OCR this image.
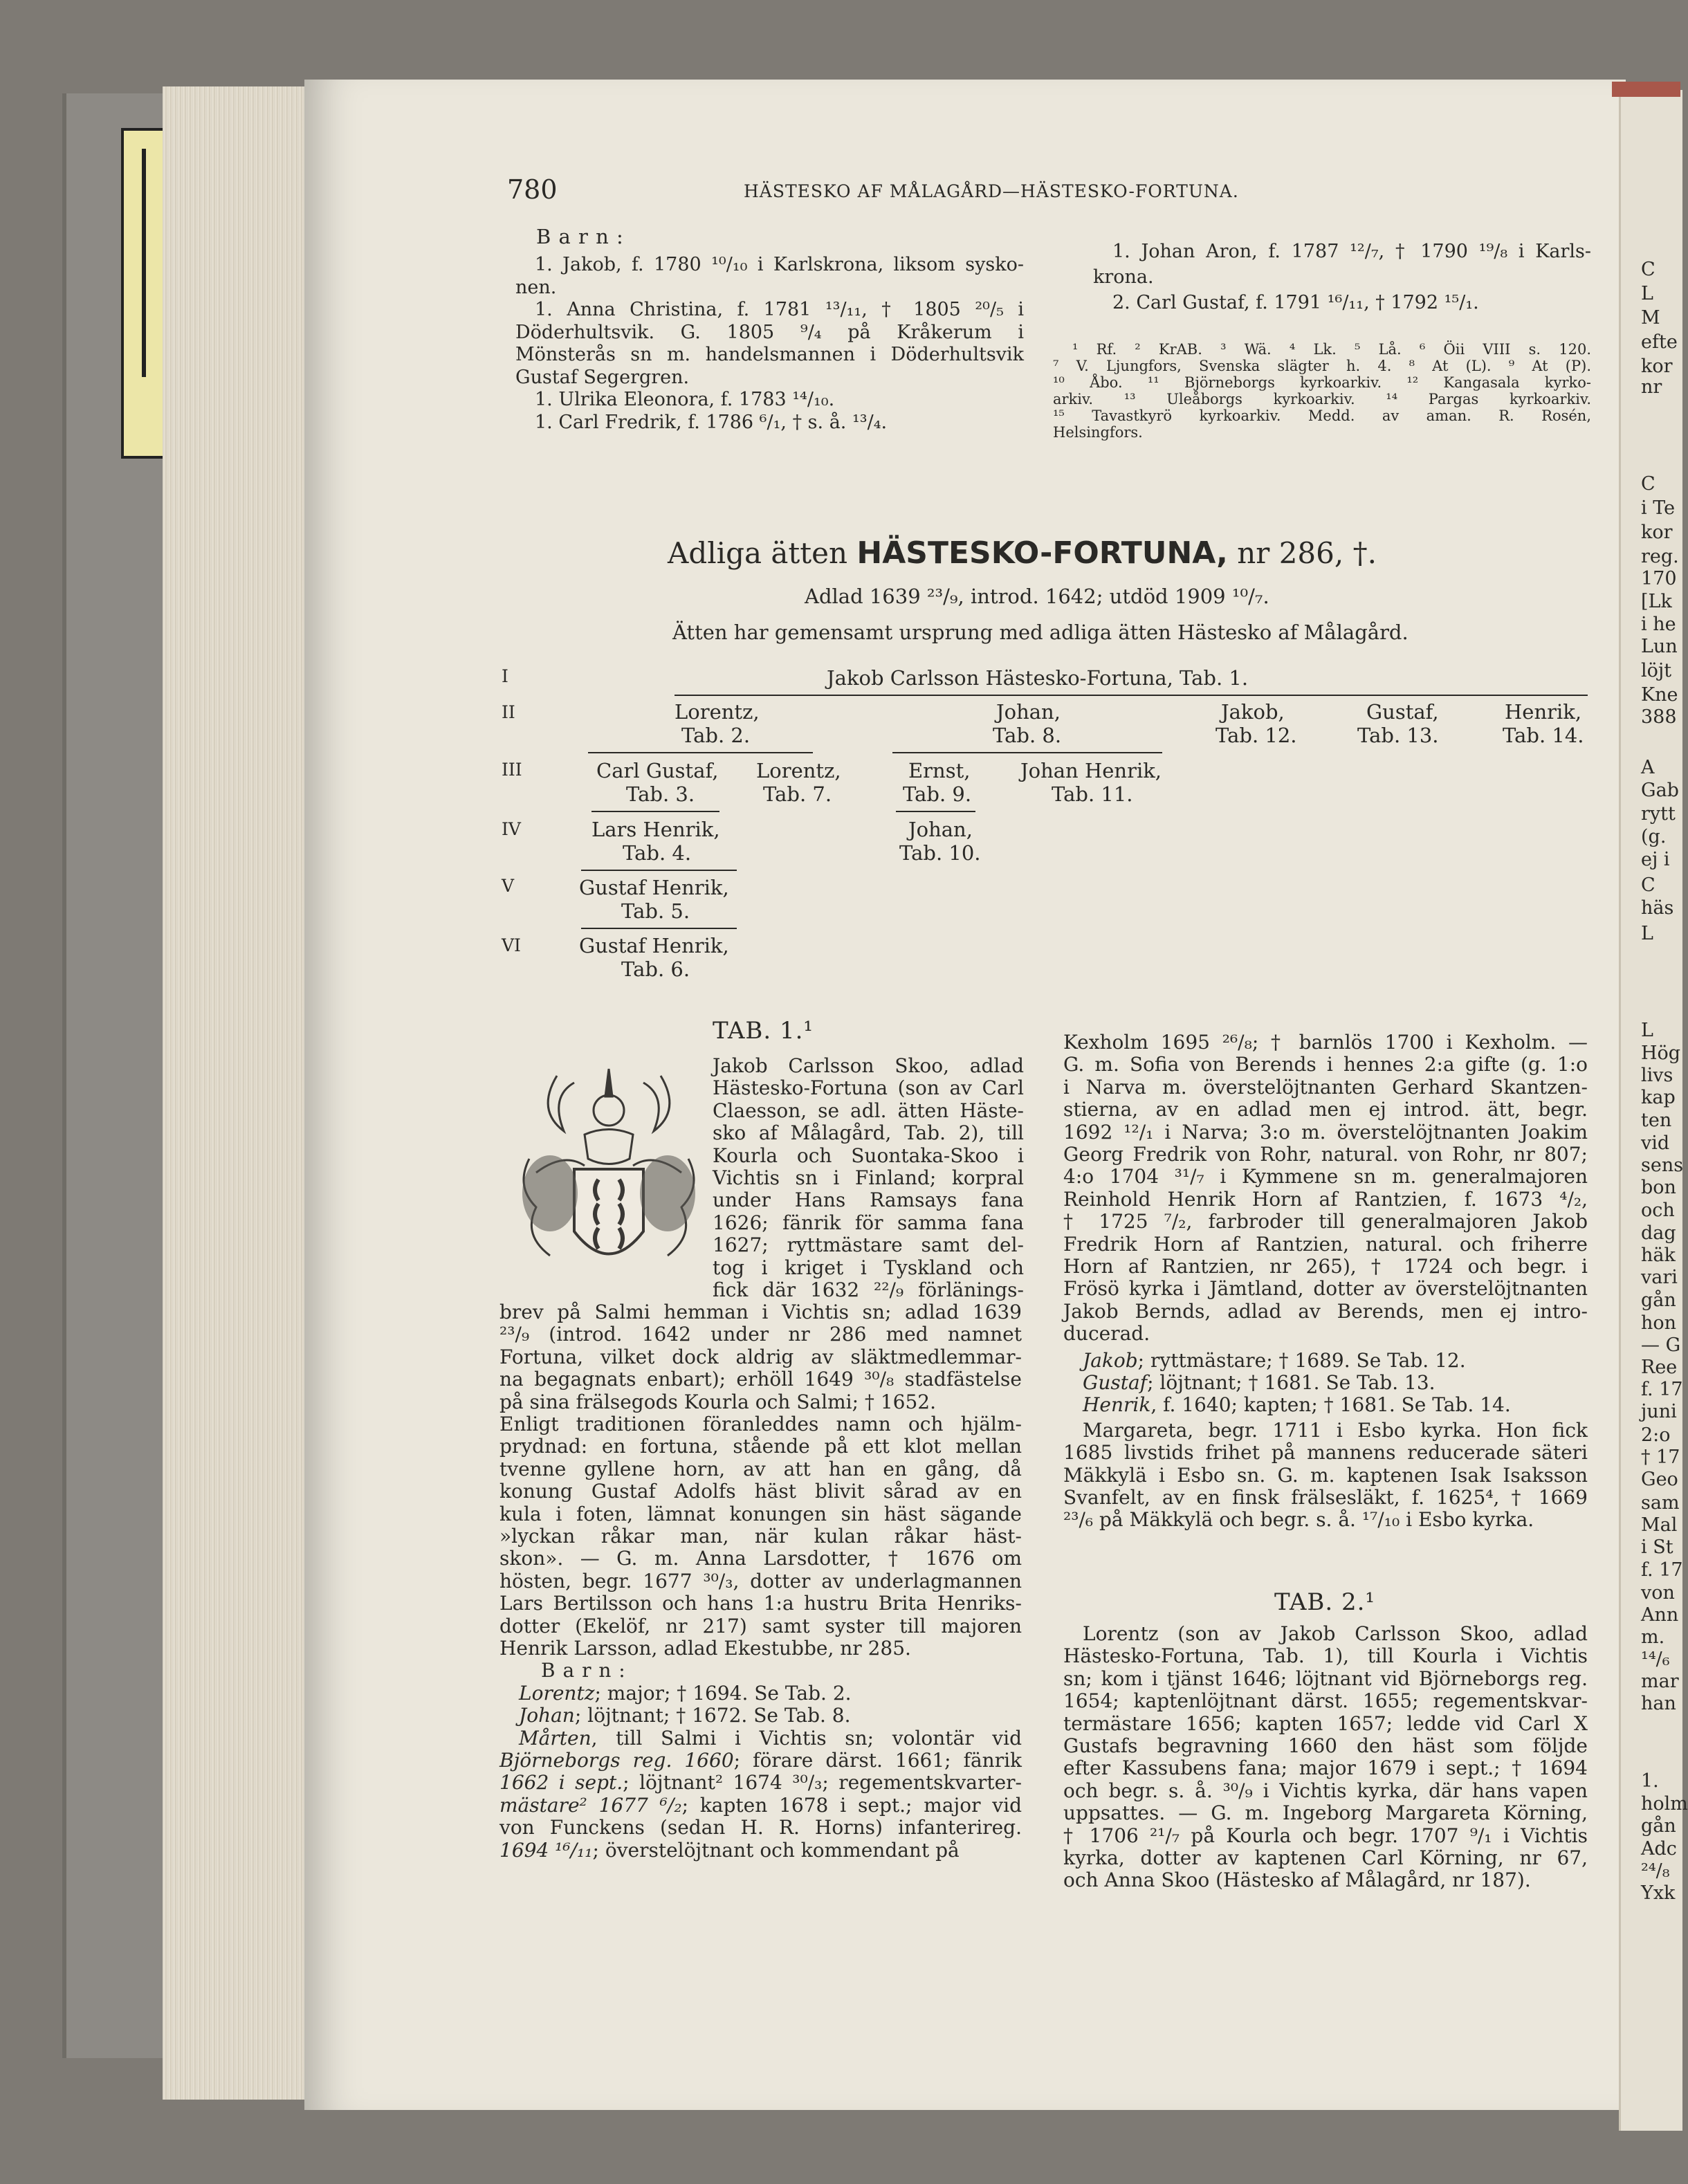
780	HÄSTESKO AF MÅLAGÅRD—HÄSTESKO-FORTUNA.
B a r n :
1. Jakob, f. 1780 ¹⁰/₁₀ i Karlskrona, liksom sysko-
nen.
1. Anna Christina, f. 1781 ¹³/₁₁, † 1805 ²⁰/₅ i
Döderhultsvik. G. 1805 ⁹/₄ på Kråkerum i
Mönsterås sn m. handelsmannen i Döderhultsvik
Gustaf Segergren.
1. Ulrika Eleonora, f. 1783 ¹⁴/₁₀.
1. Carl Fredrik, f. 1786 ⁶/₁, † s. å. ¹³/₄.
1. Johan Aron, f. 1787 ¹²/₇, † 1790 ¹⁹/₈ i Karls-
krona.
2. Carl Gustaf, f. 1791 ¹⁶/₁₁, † 1792 ¹⁵/₁.
¹ Rf. ² KrAB. ³ Wä. ⁴ Lk. ⁵ Lå. ⁶ Öii VIII s. 120.
⁷ V. Ljungfors, Svenska slägter h. 4. ⁸ At (L). ⁹ At (P).
¹⁰ Åbo. ¹¹ Björneborgs kyrkoarkiv. ¹² Kangasala kyrko-
arkiv. ¹³ Uleåborgs kyrkoarkiv. ¹⁴ Pargas kyrkoarkiv.
¹⁵ Tavastkyrö kyrkoarkiv. Medd. av aman. R. Rosén,
Helsingfors.
Adliga ätten HÄSTESKO-FORTUNA, nr 286, †.
Adlad 1639 ²³/₉, introd. 1642; utdöd 1909 ¹⁰/₇.
Ätten har gemensamt ursprung med adliga ätten Hästesko af Målagård.
I
II
III
IV
V
VI
Jakob Carlsson Hästesko-Fortuna, Tab. 1.
Lorentz,
Tab. 2.
Johan,
Tab. 8.
Jakob,
Tab. 12.
Gustaf,
Tab. 13.
Henrik,
Tab. 14.
Carl Gustaf,
Tab. 3.
Lorentz,
Tab. 7.
Ernst,
Tab. 9.
Johan Henrik,
Tab. 11.
Lars Henrik,
Tab. 4.
Johan,
Tab. 10.
Gustaf Henrik,
Tab. 5.
Gustaf Henrik,
Tab. 6.
TAB. 1.¹
Jakob Carlsson Skoo, adlad
Hästesko-Fortuna (son av Carl
Claesson, se adl. ätten Häste-
sko af Målagård, Tab. 2), till
Kourla och Suontaka-Skoo i
Vichtis sn i Finland; korpral
under Hans Ramsays fana
1626; fänrik för samma fana
1627; ryttmästare samt del-
tog i kriget i Tyskland och
fick där 1632 ²²/₉ förlänings-
brev på Salmi hemman i Vichtis sn; adlad 1639
²³/₉ (introd. 1642 under nr 286 med namnet
Fortuna, vilket dock aldrig av släktmedlemmar-
na begagnats enbart); erhöll 1649 ³⁰/₈ stadfästelse
på sina frälsegods Kourla och Salmi; † 1652.
Enligt traditionen föranleddes namn och hjälm-
prydnad: en fortuna, stående på ett klot mellan
tvenne gyllene horn, av att han en gång, då
konung Gustaf Adolfs häst blivit sårad av en
kula i foten, lämnat konungen sin häst sägande
»lyckan råkar man, när kulan råkar häst-
skon». — G. m. Anna Larsdotter, † 1676 om
hösten, begr. 1677 ³⁰/₃, dotter av underlagmannen
Lars Bertilsson och hans 1:a hustru Brita Henriks-
dotter (Ekelöf, nr 217) samt syster till majoren
Henrik Larsson, adlad Ekestubbe, nr 285.
B a r n :
Lorentz; major; † 1694. Se Tab. 2.
Johan; löjtnant; † 1672. Se Tab. 8.
Mårten, till Salmi i Vichtis sn; volontär vid
Björneborgs reg. 1660; förare därst. 1661; fänrik
1662 i sept.; löjtnant² 1674 ³⁰/₃; regementskvarter-
mästare² 1677 ⁶/₂; kapten 1678 i sept.; major vid
von Funckens (sedan H. R. Horns) infanterireg.
1694 ¹⁶/₁₁; överstelöjtnant och kommendant på
Kexholm 1695 ²⁶/₈; † barnlös 1700 i Kexholm. —
G. m. Sofia von Berends i hennes 2:a gifte (g. 1:o
i Narva m. överstelöjtnanten Gerhard Skantzen-
stierna, av en adlad men ej introd. ätt, begr.
1692 ¹²/₁ i Narva; 3:o m. överstelöjtnanten Joakim
Georg Fredrik von Rohr, natural. von Rohr, nr 807;
4:o 1704 ³¹/₇ i Kymmene sn m. generalmajoren
Reinhold Henrik Horn af Rantzien, f. 1673 ⁴/₂,
† 1725 ⁷/₂, farbroder till generalmajoren Jakob
Fredrik Horn af Rantzien, natural. och friherre
Horn af Rantzien, nr 265), † 1724 och begr. i
Frösö kyrka i Jämtland, dotter av överstelöjtnanten
Jakob Bernds, adlad av Berends, men ej intro-
ducerad.
Jakob; ryttmästare; † 1689. Se Tab. 12.
Gustaf; löjtnant; † 1681. Se Tab. 13.
Henrik, f. 1640; kapten; † 1681. Se Tab. 14.
Margareta, begr. 1711 i Esbo kyrka. Hon fick
1685 livstids frihet på mannens reducerade säteri
Mäkkylä i Esbo sn. G. m. kaptenen Isak Isaksson
Svanfelt, av en finsk frälsesläkt, f. 1625⁴, † 1669
²³/₆ på Mäkkylä och begr. s. å. ¹⁷/₁₀ i Esbo kyrka.
TAB. 2.¹
Lorentz (son av Jakob Carlsson Skoo, adlad
Hästesko-Fortuna, Tab. 1), till Kourla i Vichtis
sn; kom i tjänst 1646; löjtnant vid Björneborgs reg.
1654; kaptenlöjtnant därst. 1655; regementskvar-
termästare 1656; kapten 1657; ledde vid Carl X
Gustafs begravning 1660 den häst som följde
efter Kassubens fana; major 1679 i sept.; † 1694
och begr. s. å. ³⁰/₉ i Vichtis kyrka, där hans vapen
uppsattes. — G. m. Ingeborg Margareta Körning,
† 1706 ²¹/₇ på Kourla och begr. 1707 ⁹/₁ i Vichtis
kyrka, dotter av kaptenen Carl Körning, nr 67,
och Anna Skoo (Hästesko af Målagård, nr 187).
C
L
M
efte
kor
nr
C
i Te
kor
reg.
170
[Lk
i he
Lun
löjt
Kne
388
A
Gab
rytt
(g.
ej i
C
häs
L
L
Hög
livs
kap
ten
vid
sens
bon
och
dag
häk
vari
gån
hon
— G
Ree
f. 17
juni
2:o
† 17
Geo
sam
Mal
i St
f. 17
von
Ann
m.
¹⁴/₆
mar
han
1.
holm
gån
Adc
²⁴/₈
Yxk
